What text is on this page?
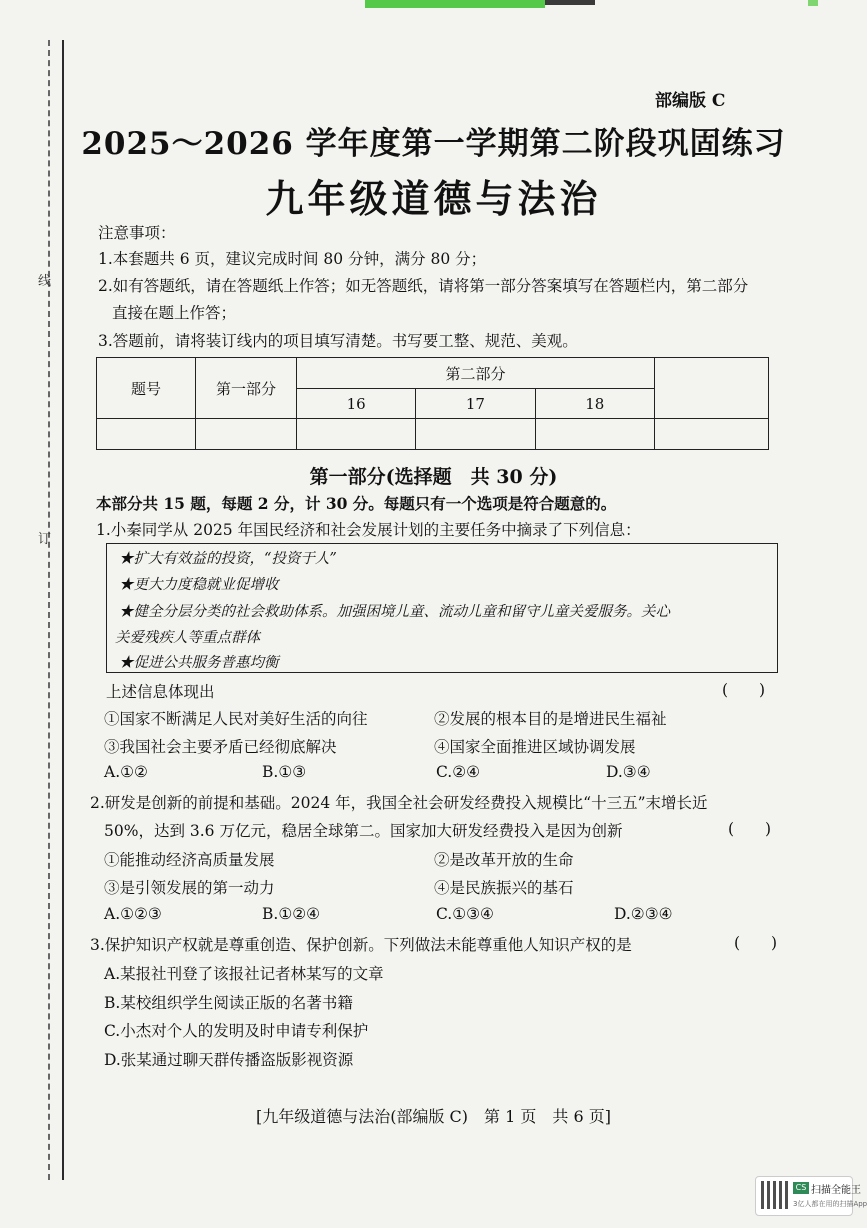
线
订
部编版 C
2025～2026 学年度第一学期第二阶段巩固练习
九年级道德与法治
注意事项：
1.本套题共 6 页，建议完成时间 80 分钟，满分 80 分；
2.如有答题纸，请在答题纸上作答；如无答题纸，请将第一部分答案填写在答题栏内，第二部分
直接在题上作答；
3.答题前，请将装订线内的项目填写清楚。书写要工整、规范、美观。
题号	第一部分	第二部分			
		16	17	18	

第一部分(选择题　共 30 分)
本部分共 15 题，每题 2 分，计 30 分。每题只有一个选项是符合题意的。
1.小秦同学从 2025 年国民经济和社会发展计划的主要任务中摘录了下列信息：
★扩大有效益的投资，“投资于人”
★更大力度稳就业促增收
★健全分层分类的社会救助体系。加强困境儿童、流动儿童和留守儿童关爱服务。关心
关爱残疾人等重点群体
★促进公共服务普惠均衡
上述信息体现出	(　　)
①国家不断满足人民对美好生活的向往	②发展的根本目的是增进民生福祉
③我国社会主要矛盾已经彻底解决	④国家全面推进区域协调发展
A.①②	B.①③	C.②④	D.③④
2.研发是创新的前提和基础。2024 年，我国全社会研发经费投入规模比“十三五”末增长近
50%，达到 3.6 万亿元，稳居全球第二。国家加大研发经费投入是因为创新	(　　)
①能推动经济高质量发展	②是改革开放的生命
③是引领发展的第一动力	④是民族振兴的基石
A.①②③	B.①②④	C.①③④	D.②③④
3.保护知识产权就是尊重创造、保护创新。下列做法未能尊重他人知识产权的是	(　　)
A.某报社刊登了该报社记者林某写的文章
B.某校组织学生阅读正版的名著书籍
C.小杰对个人的发明及时申请专利保护
D.张某通过聊天群传播盗版影视资源
[九年级道德与法治(部编版 C)　第 1 页　共 6 页]
CS 扫描全能王
3亿人都在用的扫描App
